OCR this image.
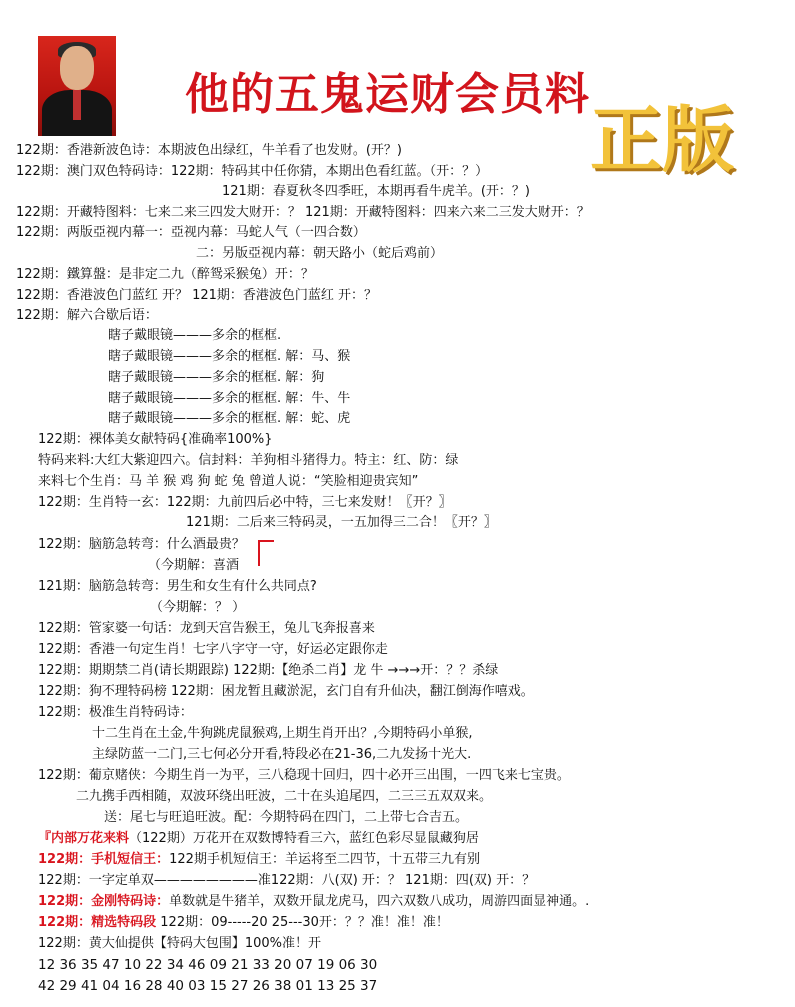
他的五鬼运财会员料
正版
122期：香港新波色诗：本期波色出绿红，牛羊看了也发财。(开？)
122期：澳门双色特码诗：122期：特码其中任你猜，本期出色看红蓝。（开：？）
121期：春夏秋冬四季旺，本期再看牛虎羊。(开：？)
122期：开藏特图料：七来二来三四发大财开：？ 121期：开藏特图料：四来六来二三发大财开：？
122期：两版亞视内幕一：亞视内幕：马蛇人气（一四合数）
二：另版亞视内幕：朝天路小（蛇后鸡前）
122期：鐵算盤：是非定二九（醉鸳采猴兔）开：？
122期：香港波色门蓝红 开？ 121期：香港波色门蓝红 开：？
122期：解六合歇后语：
瞎子戴眼镜———多余的框框.
瞎子戴眼镜———多余的框框. 解：马、猴
瞎子戴眼镜———多余的框框. 解：狗
瞎子戴眼镜———多余的框框. 解：牛、牛
瞎子戴眼镜———多余的框框. 解：蛇、虎
122期：裸体美女献特码{准确率100%}
特码来料:大红大紫迎四六。信封料：羊狗相斗猪得力。特主：红、防：绿
来料七个生肖：马 羊 猴 鸡 狗 蛇 兔 曾道人说：“笑脸相迎贵宾知”
122期：生肖特一玄：122期：九前四后必中特，三七来发财！〖开？〗
121期：二后来三特码灵，一五加得三二合！〖开？〗
122期：脑筋急转弯：什么酒最贵？
（今期解：喜酒
121期：脑筋急转弯：男生和女生有什么共同点?
（今期解：？ ）
122期：管家婆一句话：龙到天宫告猴王，兔儿飞奔报喜来
122期：香港一句定生肖！七字八字守一守，好运必定跟你走
122期：期期禁二肖(请长期跟踪) 122期:【绝杀二肖】龙 牛 →→→开：？？杀绿
122期：狗不理特码榜 122期：困龙暂且藏淤泥，玄门自有升仙决，翻江倒海作嘻戏。
122期：极准生肖特码诗：
十二生肖在土金,牛狗跳虎鼠猴鸡,上期生肖开出？,今期特码小单猴,
主绿防蓝一二门,三七何必分开看,特段必在21-36,二九发扬十光大.
122期：葡京赌侠：今期生肖一为平，三八稳现十回归，四十必开三出围，一四飞来七宝贵。
二九携手西相随，双波环绕出旺波，二十在头追尾四，二三三五双双来。
送：尾七与旺追旺波。配：今期特码在四门，二上带七合吉五。
『内部万花来料（122期）万花开在双数博特看三六，蓝红色彩尽显鼠藏狗居
122期：手机短信王：122期手机短信王：羊运将至二四节，十五带三九有别
122期：一字定单双————————准122期：八(双) 开：？ 121期：四(双) 开：？
122期：金刚特码诗：单数就是牛猪羊，双数开鼠龙虎马，四六双数八成功，周游四面显神通。.
122期：精选特码段 122期：09-----20 25---30开：？？准！准！准！
122期：黄大仙提供【特码大包围】100%准！开
12 36 35 47 10 22 34 46 09 21 33 20 07 19 06 30
42 29 41 04 16 28 40 03 15 27 26 38 01 13 25 37
